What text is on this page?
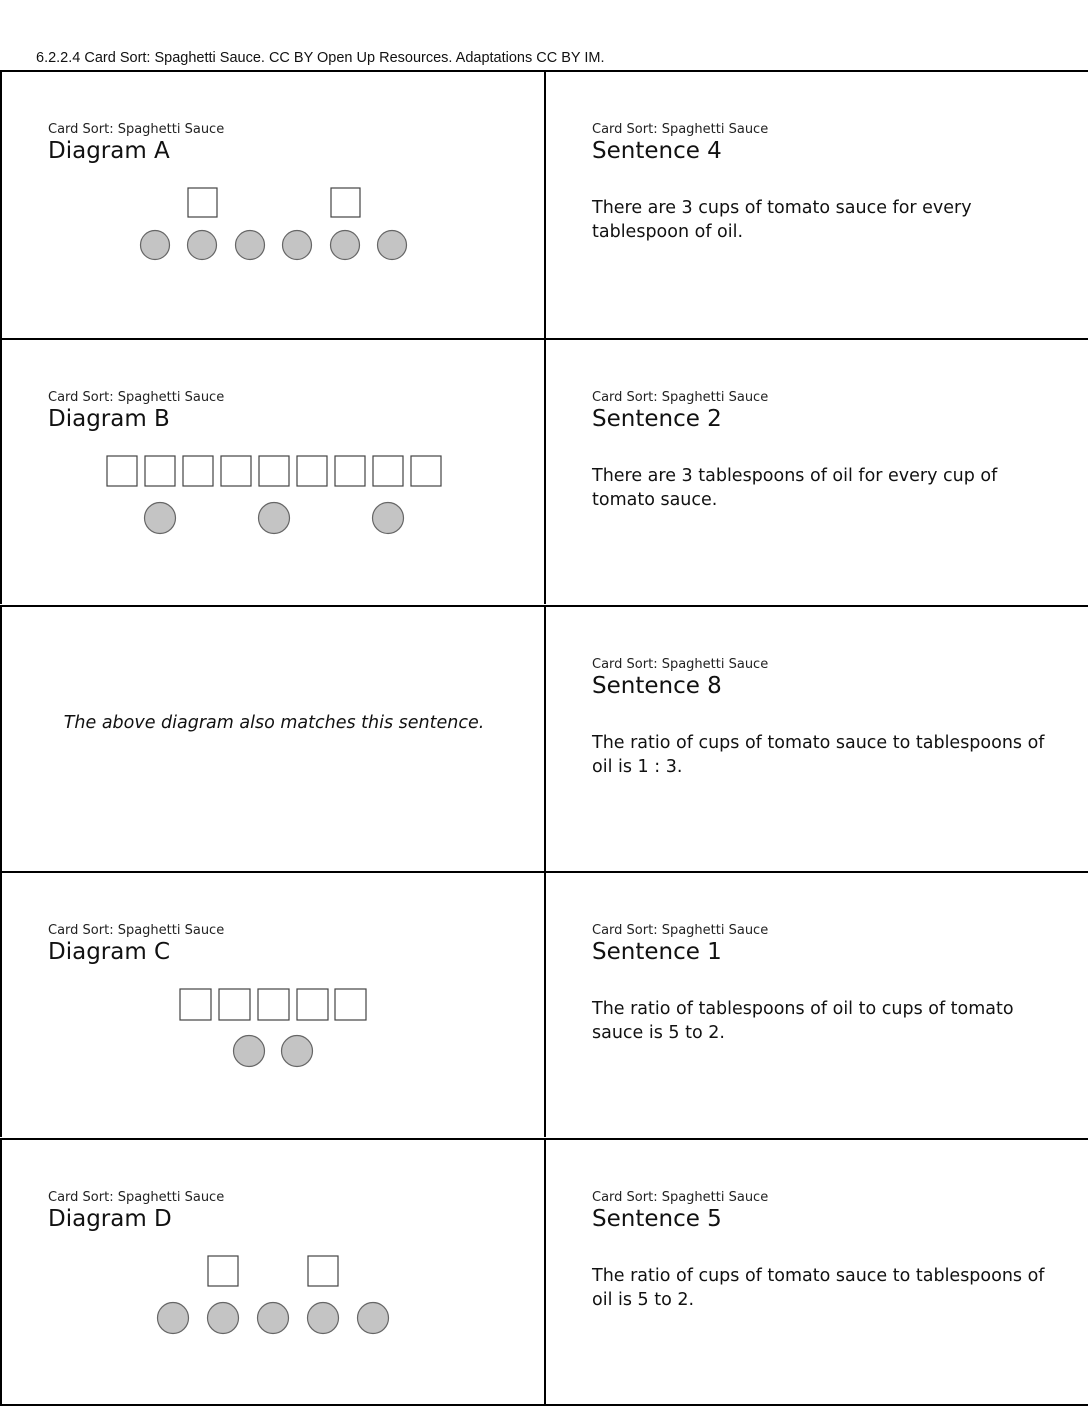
6.2.2.4 Card Sort: Spaghetti Sauce. CC BY Open Up Resources. Adaptations CC BY IM.
Card Sort: Spaghetti Sauce
Diagram A
Card Sort: Spaghetti Sauce
Sentence 4
There are 3 cups of tomato sauce for every tablespoon of oil.
Card Sort: Spaghetti Sauce
Diagram B
Card Sort: Spaghetti Sauce
Sentence 2
There are 3 tablespoons of oil for every cup of tomato sauce.
The above diagram also matches this sentence.
Card Sort: Spaghetti Sauce
Sentence 8
The ratio of cups of tomato sauce to tablespoons of oil is 1 : 3.
Card Sort: Spaghetti Sauce
Diagram C
Card Sort: Spaghetti Sauce
Sentence 1
The ratio of tablespoons of oil to cups of tomato sauce is 5 to 2.
Card Sort: Spaghetti Sauce
Diagram D
Card Sort: Spaghetti Sauce
Sentence 5
The ratio of cups of tomato sauce to tablespoons of oil is 5 to 2.
